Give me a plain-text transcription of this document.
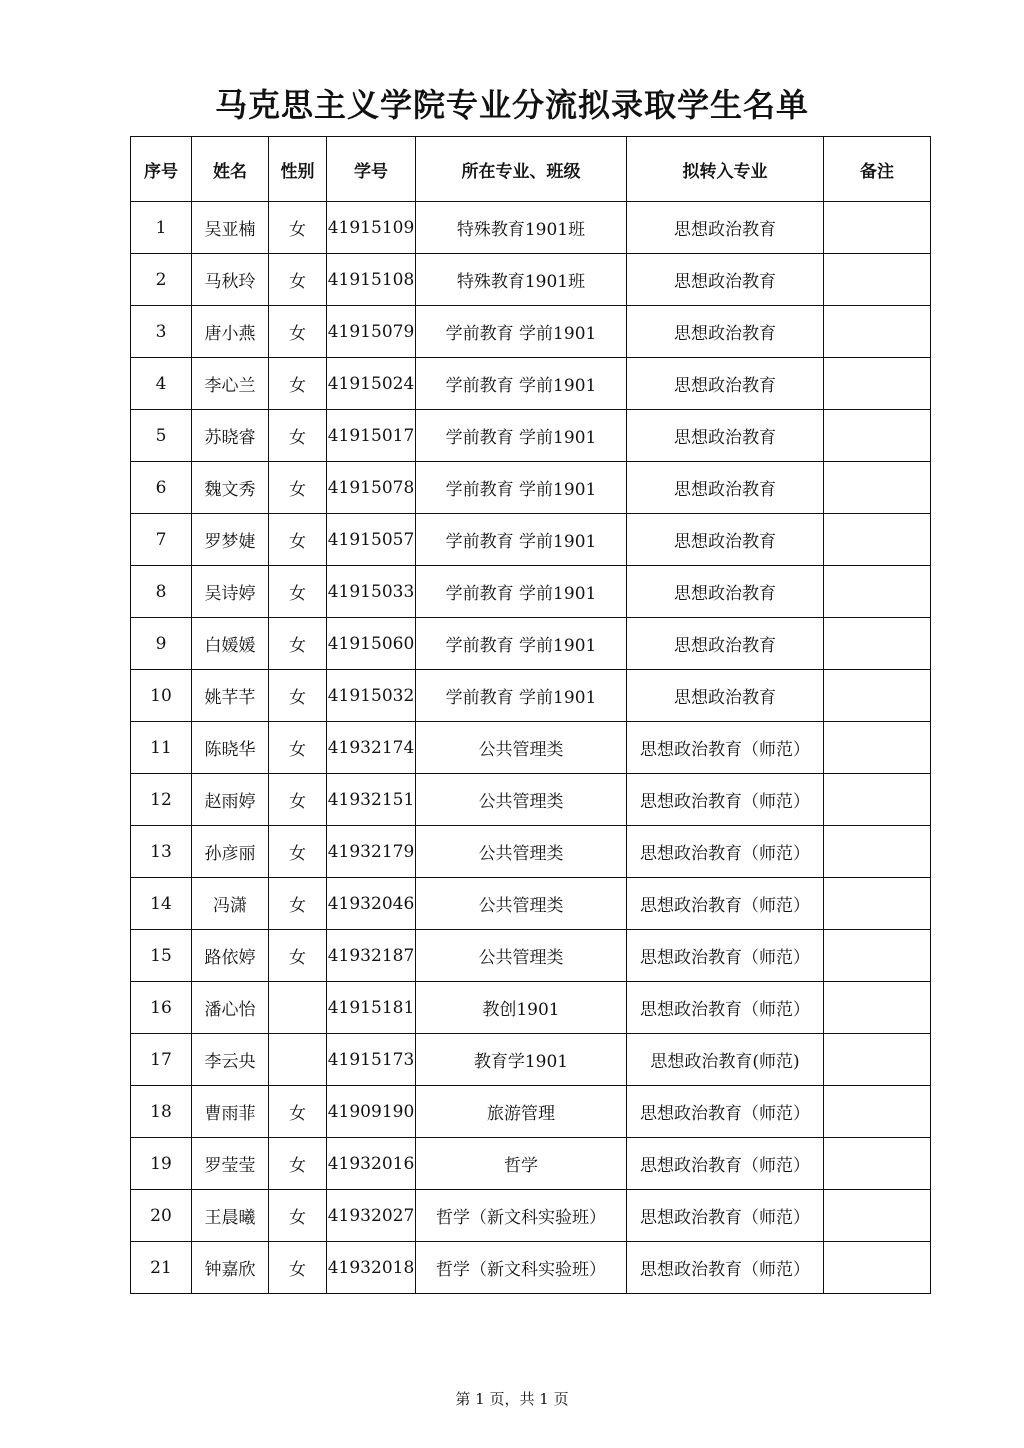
马克思主义学院专业分流拟录取学生名单
序号	姓名	性别	学号	所在专业、班级	拟转入专业	备注
1	吴亚楠	女	41915109	特殊教育1901班	思想政治教育	
2	马秋玲	女	41915108	特殊教育1901班	思想政治教育	
3	唐小燕	女	41915079	学前教育 学前1901	思想政治教育	
4	李心兰	女	41915024	学前教育 学前1901	思想政治教育	
5	苏晓睿	女	41915017	学前教育 学前1901	思想政治教育	
6	魏文秀	女	41915078	学前教育 学前1901	思想政治教育	
7	罗梦婕	女	41915057	学前教育 学前1901	思想政治教育	
8	吴诗婷	女	41915033	学前教育 学前1901	思想政治教育	
9	白媛媛	女	41915060	学前教育 学前1901	思想政治教育	
10	姚芊芊	女	41915032	学前教育 学前1901	思想政治教育	
11	陈晓华	女	41932174	公共管理类	思想政治教育（师范）	
12	赵雨婷	女	41932151	公共管理类	思想政治教育（师范）	
13	孙彦丽	女	41932179	公共管理类	思想政治教育（师范）	
14	冯潇	女	41932046	公共管理类	思想政治教育（师范）	
15	路依婷	女	41932187	公共管理类	思想政治教育（师范）	
16	潘心怡		41915181	教创1901	思想政治教育（师范）	
17	李云央		41915173	教育学1901	思想政治教育(师范)	
18	曹雨菲	女	41909190	旅游管理	思想政治教育（师范）	
19	罗莹莹	女	41932016	哲学	思想政治教育（师范）	
20	王晨曦	女	41932027	哲学（新文科实验班）	思想政治教育（师范）	
21	钟嘉欣	女	41932018	哲学（新文科实验班）	思想政治教育（师范）	
第 1 页，共 1 页
